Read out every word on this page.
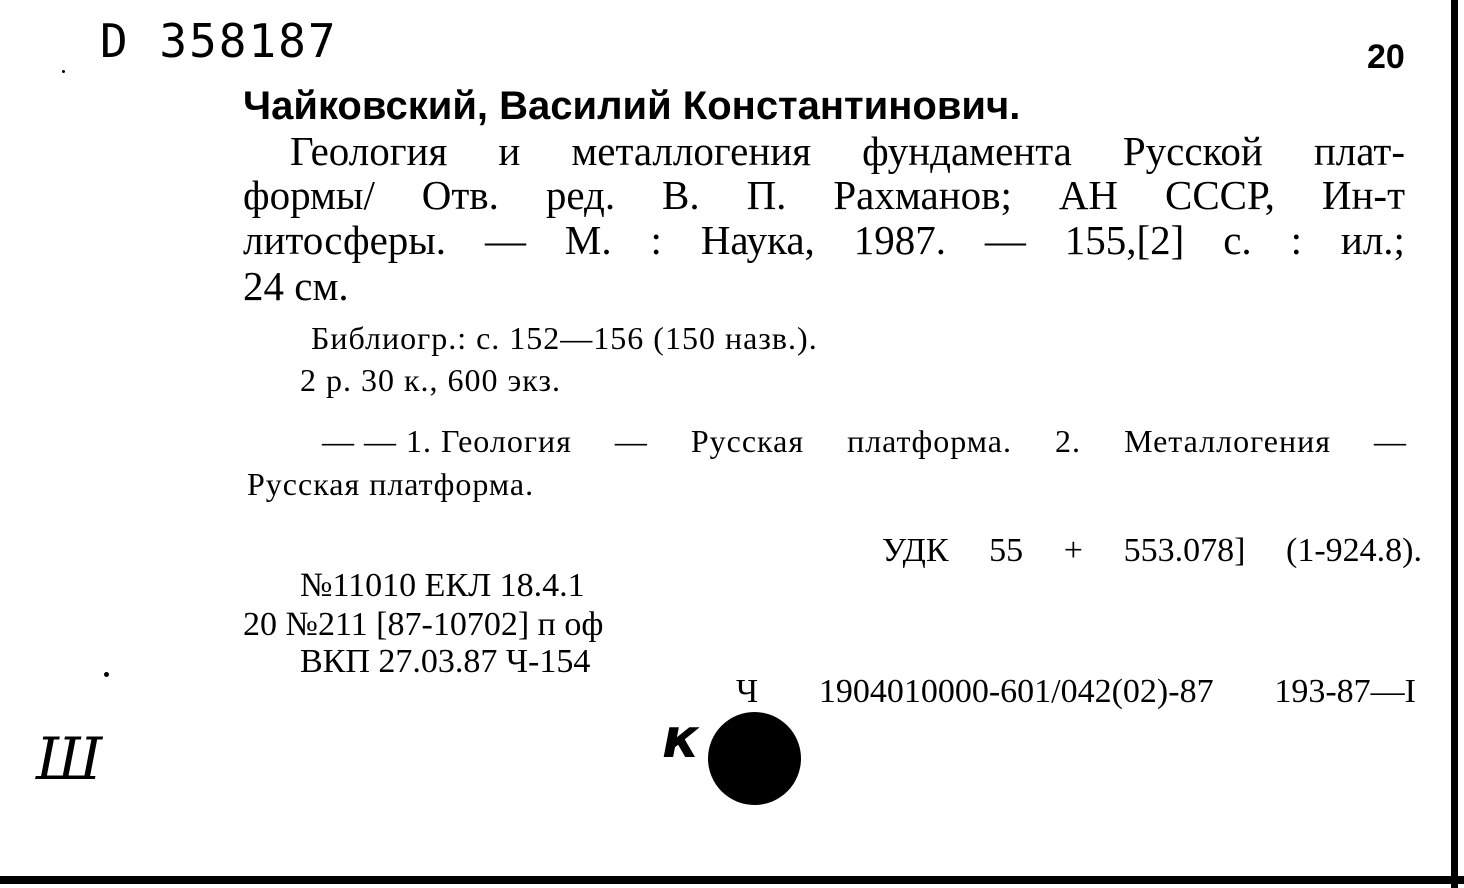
D 358187	20
Чайковский, Василий Константинович.
Геология и металлогения фундамента Русской плат-
формы/ Отв. ред. В. П. Рахманов; АН СССР, Ин-т
литосферы. — М. : Наука, 1987. — 155,[2] с. : ил.;
24 см.
Библиогр.: с. 152—156 (150 назв.).
2 р. 30 к., 600 экз.
— — 1. Геология — Русская платформа. 2. Металлогения —
Русская платформа.
УДК 55 + 553.078] (1-924.8).
№11010 ЕКЛ 18.4.1
20 №211 [87-10702] п оф
ВКП 27.03.87 Ч-154
Ч 1904010000-601/042(02)-87 193-87—I
Ш	к
